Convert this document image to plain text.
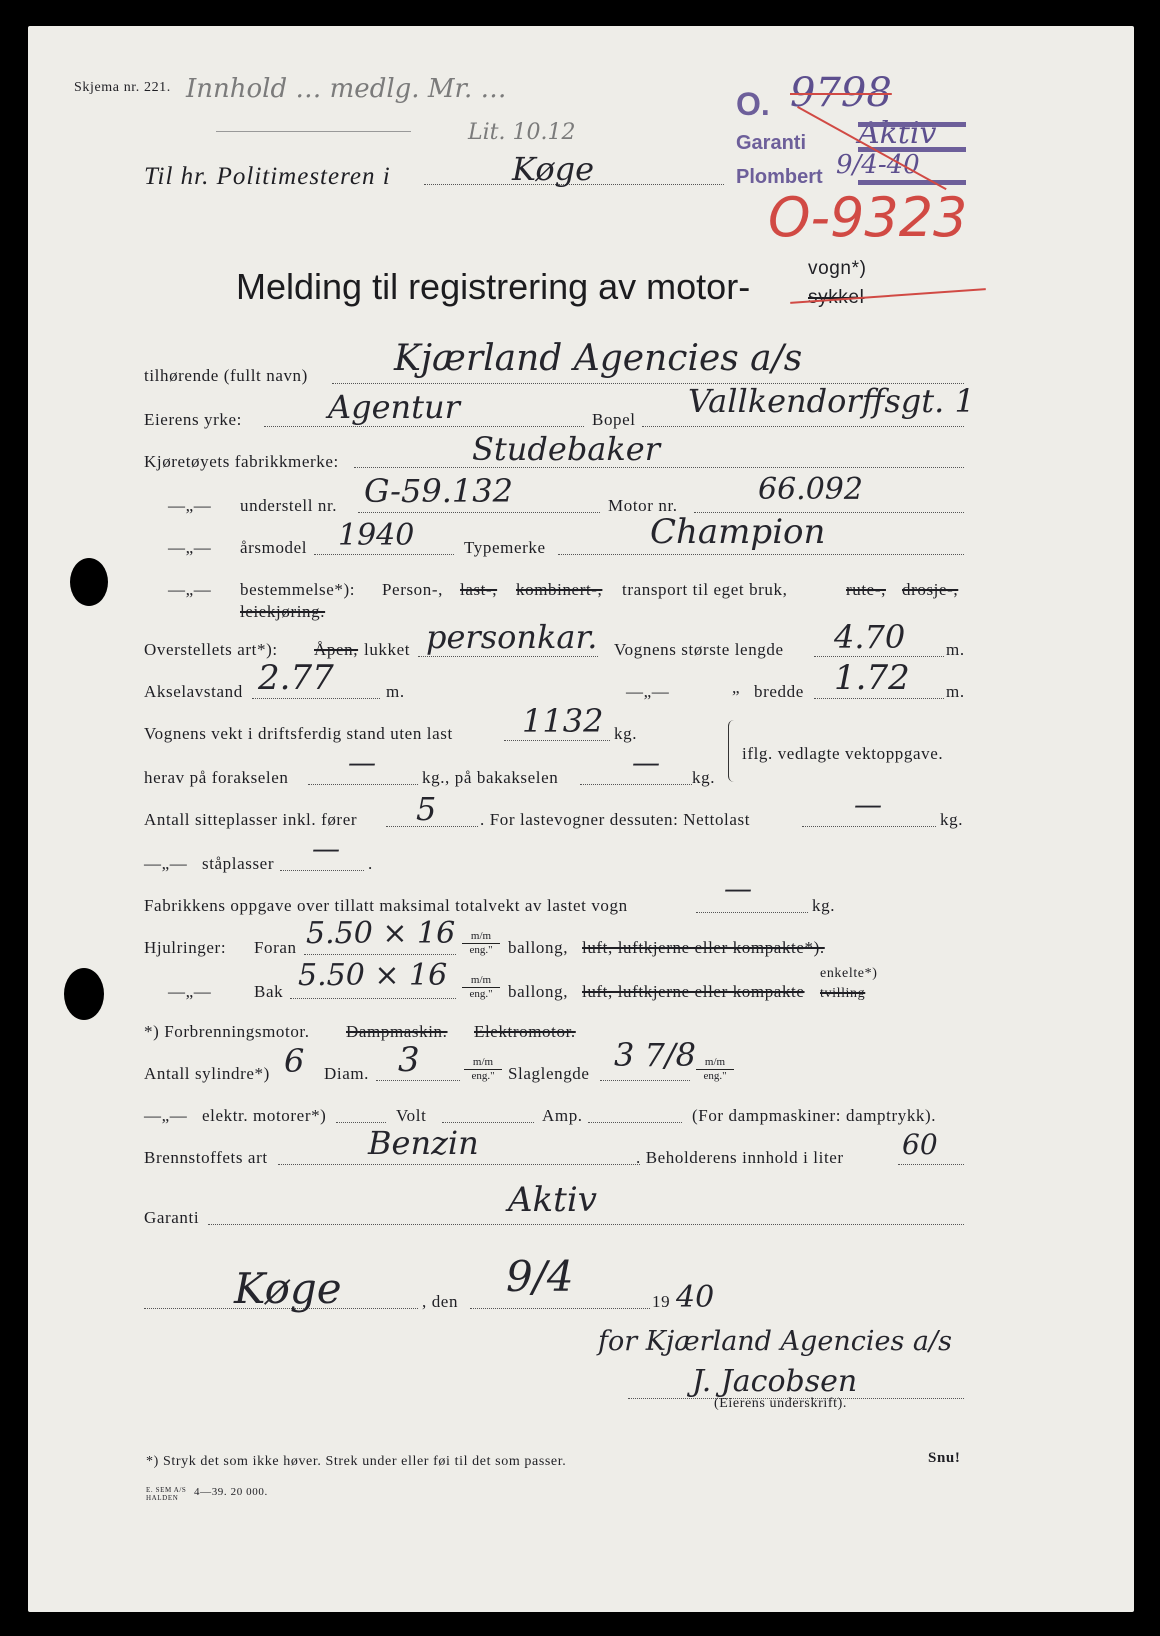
Skjema nr. 221. Innhold … medlg. Mr. …
Lit. 10.12
Til hr. Politimesteren i	Køge
O. 9798
Garanti Aktiv
Plombert 9/4-40
O-9323
Melding til registrering av motor-	vogn*)
sykkel
tilhørende (fullt navn) Kjærland Agencies a/s
Eierens yrke:	Agentur	Bopel Vallkendorffsgt. 1
Kjøretøyets fabrikkmerke:	Studebaker
—„— understell nr. G-59.132	Motor nr.	66.092
—„— årsmodel 1940	Typemerke	Champion
—„— bestemmelse*): Person-, last-, kombinert-, transport til eget bruk,	rute-, drosje-,
leiekjøring.
Overstellets art*): Åpen, lukket personkar. Vognens største lengde 4.70 m.
Akselavstand 2.77	m.	—„—	„ bredde 1.72 m.
Vognens vekt i driftsferdig stand uten last 1132 kg.
herav på forakselen —	kg., på bakakselen	— kg.
iflg. vedlagte vektoppgave.
Antall sitteplasser inkl. fører 5	. For lastevogner dessuten: Nettolast	—	kg.
—„— ståplasser — .
Fabrikkens oppgave over tillatt maksimal totalvekt av lastet vogn
—
kg.
Hjulringer: Foran 5.50 × 16	m/m
eng." ballong, luft, luftkjerne eller kompakte*).
—„—	Bak 5.50 × 16	m/m
eng." ballong, luft, luftkjerne eller kompakte
enkelte*)
tvilling
*) Forbrenningsmotor. Dampmaskin. Elektromotor.
Antall sylindre*) 6 Diam. 3	m/m
eng." Slaglengde 3 7/8 m/m
eng."
—„— elektr. motorer*)	Volt	Amp.	(For dampmaskiner: damptrykk).
Brennstoffets art	Benzin	. Beholderens innhold i liter 60
Garanti	Aktiv
Køge	, den
9/4
19 40
for Kjærland Agencies a/s
J. Jacobsen
(Eierens underskrift).
*) Stryk det som ikke høver. Strek under eller føi til det som passer.	Snu!
E. SEM A/S
HALDEN 4—39. 20 000.
